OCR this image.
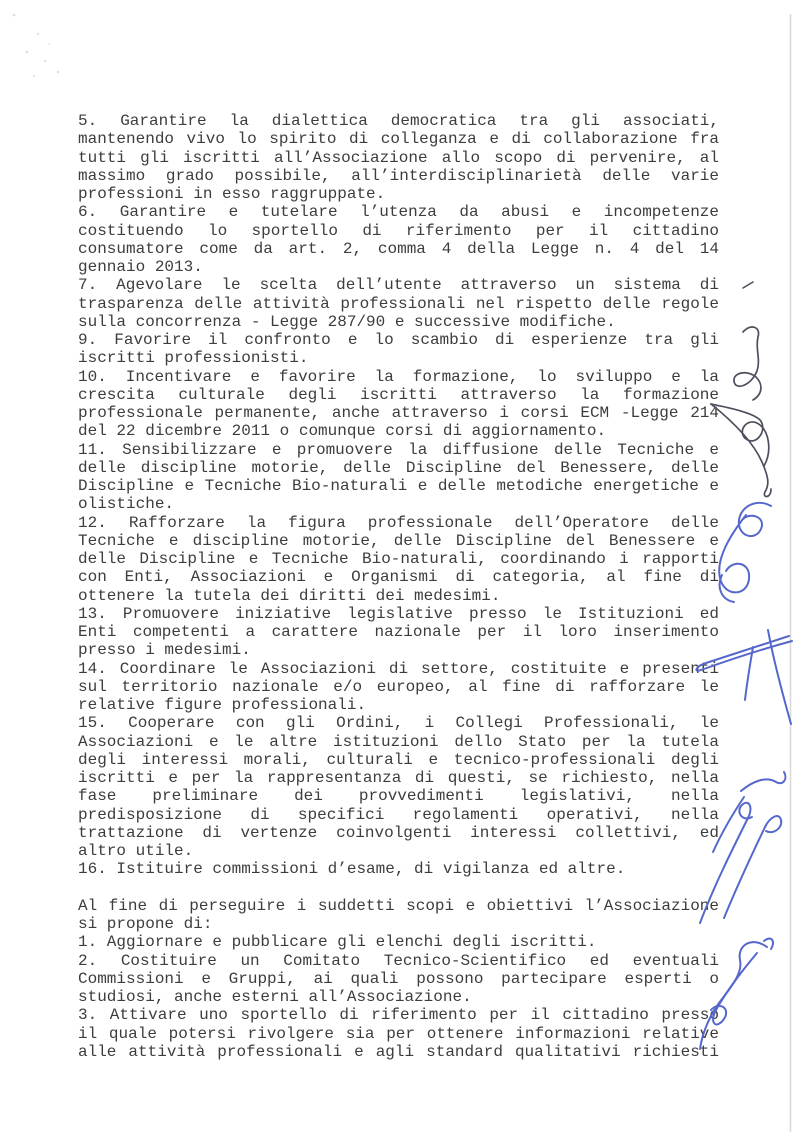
5. Garantire la dialettica democratica tra gli associati,
mantenendo vivo lo spirito di colleganza e di collaborazione fra
tutti gli iscritti all’Associazione allo scopo di pervenire, al
massimo grado possibile, all’interdisciplinarietà delle varie
professioni in esso raggruppate.
6. Garantire e tutelare l’utenza da abusi e incompetenze
costituendo lo sportello di riferimento per il cittadino
consumatore come da art. 2, comma 4 della Legge n. 4 del 14
gennaio 2013.
7. Agevolare le scelta dell’utente attraverso un sistema di
trasparenza delle attività professionali nel rispetto delle regole
sulla concorrenza - Legge 287/90 e successive modifiche.
9. Favorire il confronto e lo scambio di esperienze tra gli
iscritti professionisti.
10. Incentivare e favorire la formazione, lo sviluppo e la
crescita culturale degli iscritti attraverso la formazione
professionale permanente, anche attraverso i corsi ECM -Legge 214
del 22 dicembre 2011 o comunque corsi di aggiornamento.
11. Sensibilizzare e promuovere la diffusione delle Tecniche e
delle discipline motorie, delle Discipline del Benessere, delle
Discipline e Tecniche Bio-naturali e delle metodiche energetiche e
olistiche.
12. Rafforzare la figura professionale dell’Operatore delle
Tecniche e discipline motorie, delle Discipline del Benessere e
delle Discipline e Tecniche Bio-naturali, coordinando i rapporti
con Enti, Associazioni e Organismi di categoria, al fine di
ottenere la tutela dei diritti dei medesimi.
13. Promuovere iniziative legislative presso le Istituzioni ed
Enti competenti a carattere nazionale per il loro inserimento
presso i medesimi.
14. Coordinare le Associazioni di settore, costituite e presenti
sul territorio nazionale e/o europeo, al fine di rafforzare le
relative figure professionali.
15. Cooperare con gli Ordini, i Collegi Professionali, le
Associazioni e le altre istituzioni dello Stato per la tutela
degli interessi morali, culturali e tecnico-professionali degli
iscritti e per la rappresentanza di questi, se richiesto, nella
fase preliminare dei provvedimenti legislativi, nella
predisposizione di specifici regolamenti operativi, nella
trattazione di vertenze coinvolgenti interessi collettivi, ed
altro utile.
16. Istituire commissioni d’esame, di vigilanza ed altre.

Al fine di perseguire i suddetti scopi e obiettivi l’Associazione
si propone di:
1. Aggiornare e pubblicare gli elenchi degli iscritti.
2. Costituire un Comitato Tecnico-Scientifico ed eventuali
Commissioni e Gruppi, ai quali possono partecipare esperti o
studiosi, anche esterni all’Associazione.
3. Attivare uno sportello di riferimento per il cittadino presso
il quale potersi rivolgere sia per ottenere informazioni relative
alle attività professionali e agli standard qualitativi richiesti
